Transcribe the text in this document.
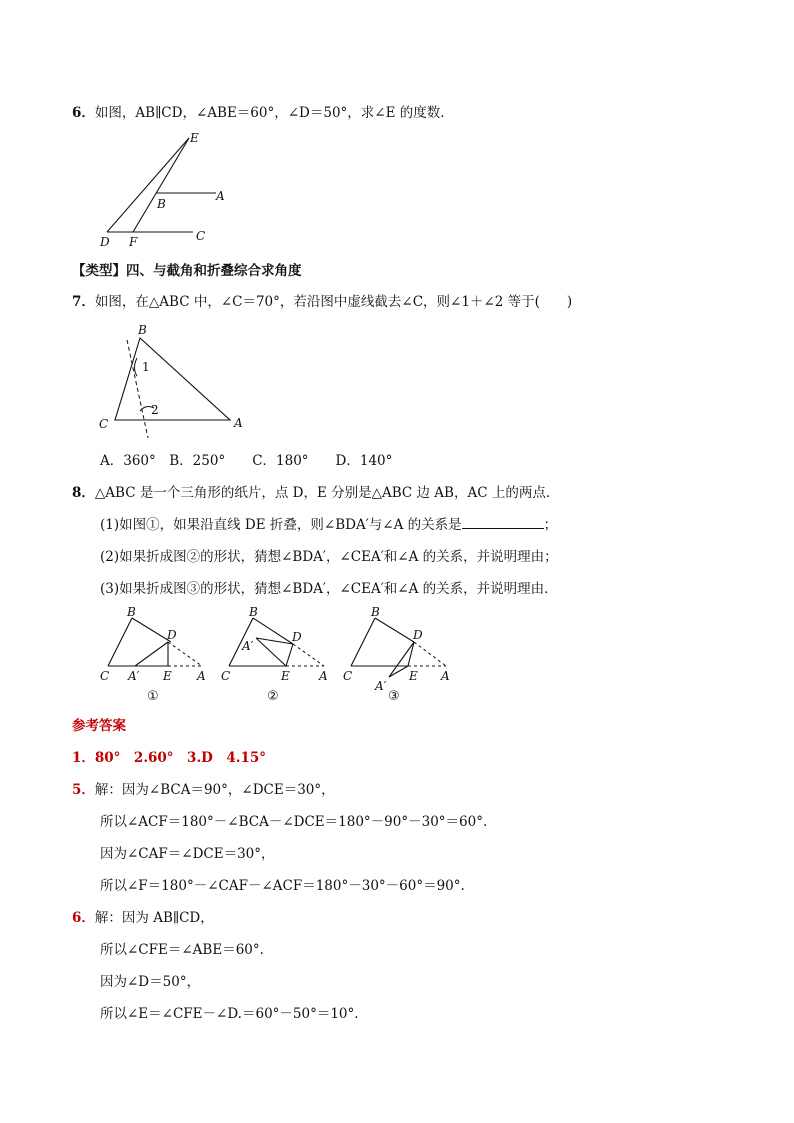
6．如图，AB∥CD，∠ABE＝60°，∠D＝50°，求∠E 的度数．
E
A
B
D F	C
【类型】四、与截角和折叠综合求角度
7．如图，在△ABC 中，∠C＝70°，若沿图中虚线截去∠C，则∠1＋∠2 等于(　　)
B
C	A
1
2
A．360°　B．250°　　C．180°　　D．140°
8．△ABC 是一个三角形的纸片，点 D，E 分别是△ABC 边 AB，AC 上的两点．
(1)如图①，如果沿直线 DE 折叠，则∠BDA′与∠A 的关系是	；
(2)如果折成图②的形状，猜想∠BDA′，∠CEA′和∠A 的关系，并说明理由；
(3)如果折成图③的形状，猜想∠BDA′，∠CEA′和∠A 的关系，并说明理由．
B
D
C A′ E A
B
D
A′
C	E A
B
D
C	E A
A′
①	②	③
参考答案
1．80°　2.60°　3.D　4.15°
5．解：因为∠BCA＝90°，∠DCE＝30°，
所以∠ACF＝180°－∠BCA－∠DCE＝180°－90°－30°＝60°.
因为∠CAF＝∠DCE＝30°，
所以∠F＝180°－∠CAF－∠ACF＝180°－30°－60°＝90°.
6．解：因为 AB∥CD，
所以∠CFE＝∠ABE＝60°.
因为∠D＝50°，
所以∠E＝∠CFE－∠D.＝60°－50°＝10°.
